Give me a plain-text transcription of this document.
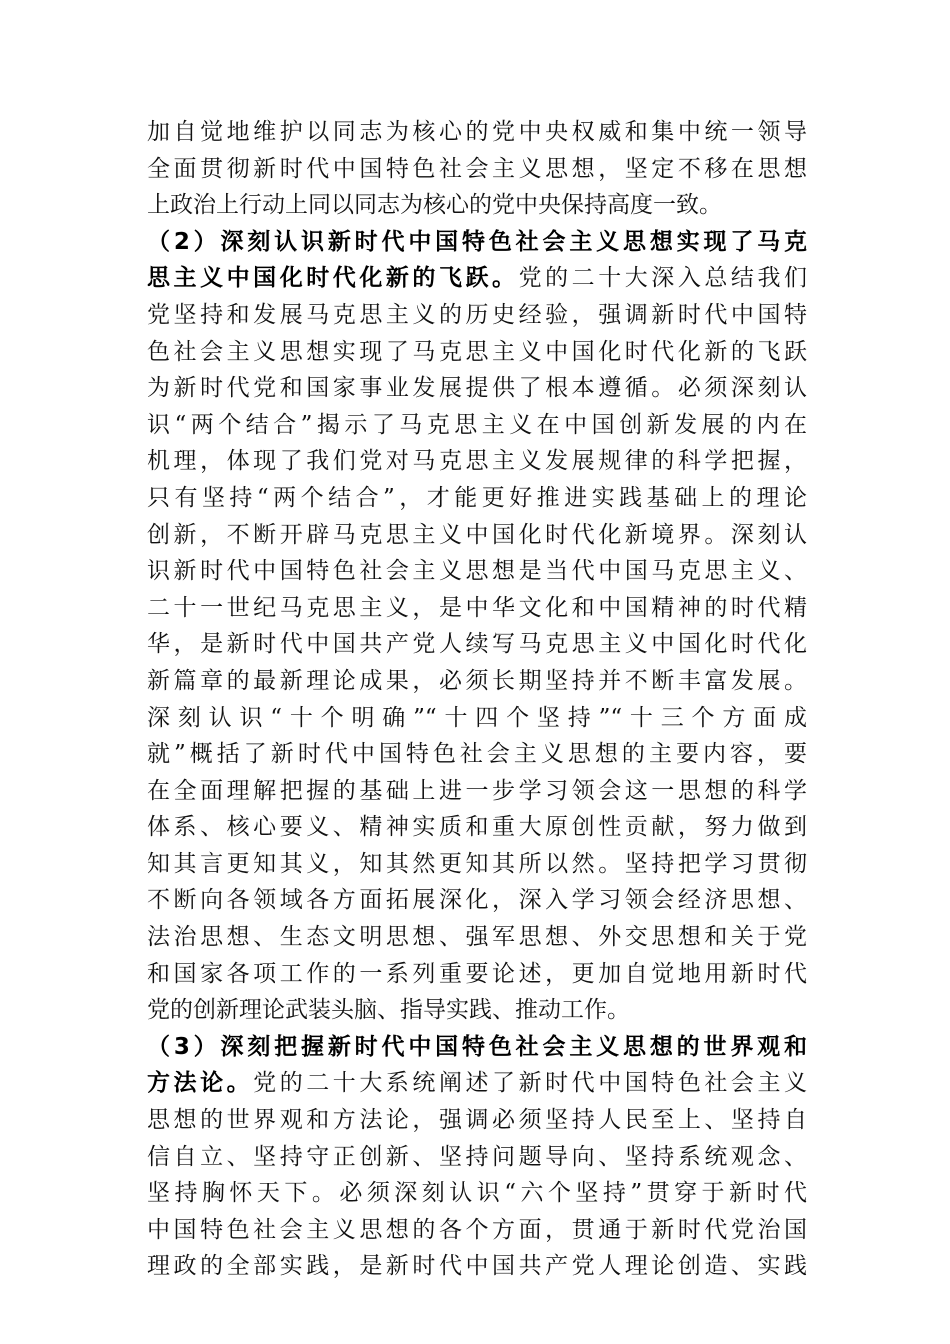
加自觉地维护以同志为核心的党中央权威和集中统一领导
全面贯彻新时代中国特色社会主义思想，坚定不移在思想
上政治上行动上同以同志为核心的党中央保持高度一致。
（2）深刻认识新时代中国特色社会主义思想实现了马克
思主义中国化时代化新的飞跃。党的二十大深入总结我们
党坚持和发展马克思主义的历史经验，强调新时代中国特
色社会主义思想实现了马克思主义中国化时代化新的飞跃
为新时代党和国家事业发展提供了根本遵循。必须深刻认
识“两个结合”揭示了马克思主义在中国创新发展的内在
机理，体现了我们党对马克思主义发展规律的科学把握，
只有坚持“两个结合”，才能更好推进实践基础上的理论
创新，不断开辟马克思主义中国化时代化新境界。深刻认
识新时代中国特色社会主义思想是当代中国马克思主义、
二十一世纪马克思主义，是中华文化和中国精神的时代精
华，是新时代中国共产党人续写马克思主义中国化时代化
新篇章的最新理论成果，必须长期坚持并不断丰富发展。
深刻认识“十个明确”“十四个坚持”“十三个方面成
就”概括了新时代中国特色社会主义思想的主要内容，要
在全面理解把握的基础上进一步学习领会这一思想的科学
体系、核心要义、精神实质和重大原创性贡献，努力做到
知其言更知其义，知其然更知其所以然。坚持把学习贯彻
不断向各领域各方面拓展深化，深入学习领会经济思想、
法治思想、生态文明思想、强军思想、外交思想和关于党
和国家各项工作的一系列重要论述，更加自觉地用新时代
党的创新理论武装头脑、指导实践、推动工作。
（3）深刻把握新时代中国特色社会主义思想的世界观和
方法论。党的二十大系统阐述了新时代中国特色社会主义
思想的世界观和方法论，强调必须坚持人民至上、坚持自
信自立、坚持守正创新、坚持问题导向、坚持系统观念、
坚持胸怀天下。必须深刻认识“六个坚持”贯穿于新时代
中国特色社会主义思想的各个方面，贯通于新时代党治国
理政的全部实践，是新时代中国共产党人理论创造、实践
